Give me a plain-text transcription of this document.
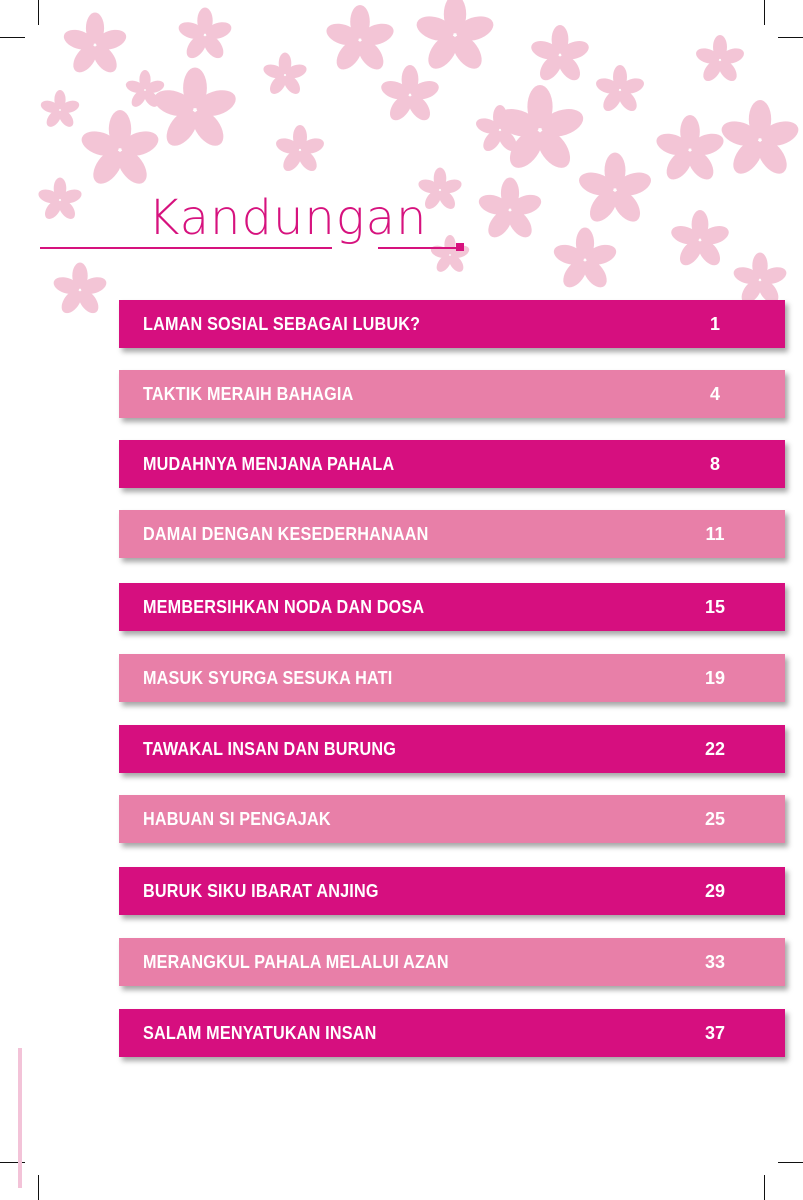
Kandungan
LAMAN SOSIAL SEBAGAI LUBUK?	1
TAKTIK MERAIH BAHAGIA	4
MUDAHNYA MENJANA PAHALA	8
DAMAI DENGAN KESEDERHANAAN	11
MEMBERSIHKAN NODA DAN DOSA	15
MASUK SYURGA SESUKA HATI	19
TAWAKAL INSAN DAN BURUNG	22
HABUAN SI PENGAJAK	25
BURUK SIKU IBARAT ANJING	29
MERANGKUL PAHALA MELALUI AZAN	33
SALAM MENYATUKAN INSAN	37
